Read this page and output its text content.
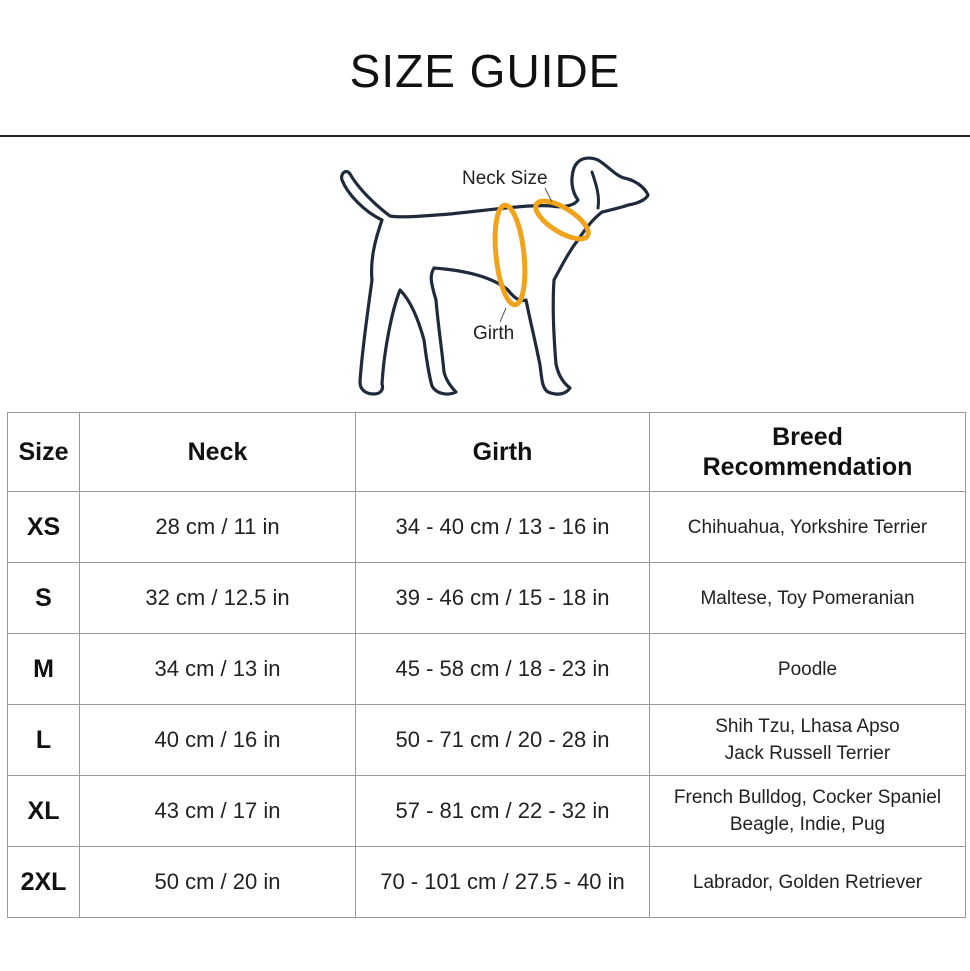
SIZE GUIDE
Neck Size
Girth
Size	Neck	Girth	Breed
Recommendation
XS	28 cm / 11 in	34 - 40 cm / 13 - 16 in	Chihuahua, Yorkshire Terrier
S	32 cm / 12.5 in	39 - 46 cm / 15 - 18 in	Maltese, Toy Pomeranian
M	34 cm / 13 in	45 - 58 cm / 18 - 23 in	Poodle
L	40 cm / 16 in	50 - 71 cm / 20 - 28 in	Shih Tzu, Lhasa Apso
Jack Russell Terrier
XL	43 cm / 17 in	57 - 81 cm / 22 - 32 in	French Bulldog, Cocker Spaniel
Beagle, Indie, Pug
2XL	50 cm / 20 in	70 - 101 cm / 27.5 - 40 in	Labrador, Golden Retriever
